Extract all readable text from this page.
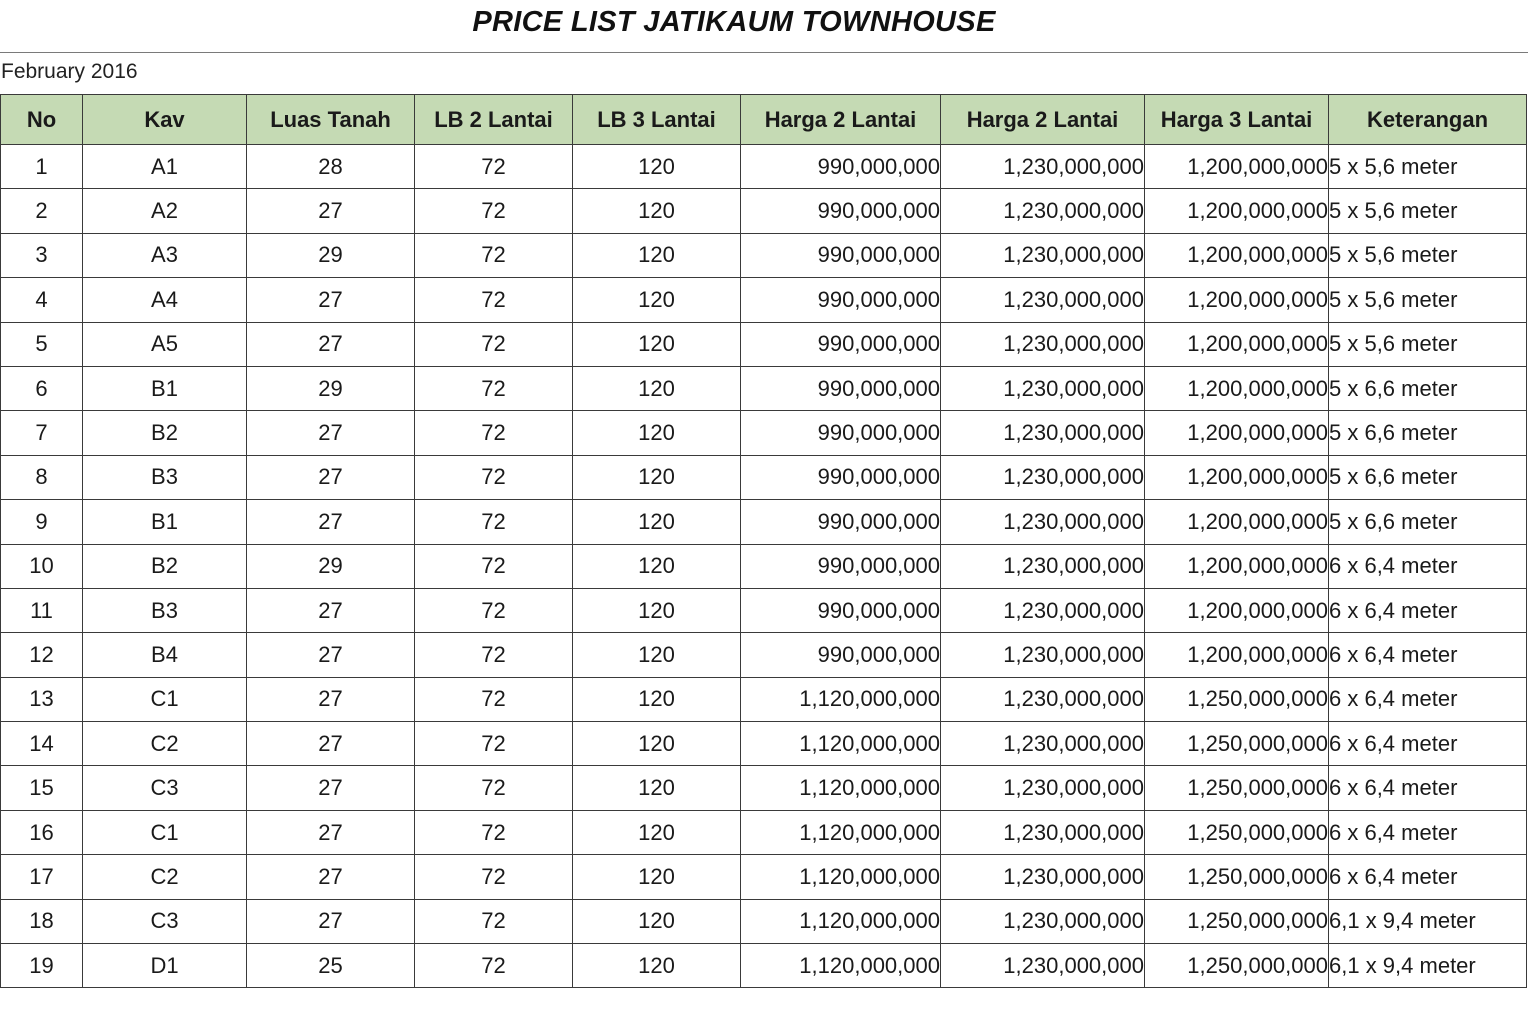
PRICE LIST JATIKAUM TOWNHOUSE
February 2016
No	Kav	Luas Tanah	LB 2 Lantai	LB 3 Lantai	Harga 2 Lantai	Harga 2 Lantai	Harga 3 Lantai	Keterangan
1	A1	28	72	120	990,000,000	1,230,000,000	1,200,000,000	5 x 5,6 meter
2	A2	27	72	120	990,000,000	1,230,000,000	1,200,000,000	5 x 5,6 meter
3	A3	29	72	120	990,000,000	1,230,000,000	1,200,000,000	5 x 5,6 meter
4	A4	27	72	120	990,000,000	1,230,000,000	1,200,000,000	5 x 5,6 meter
5	A5	27	72	120	990,000,000	1,230,000,000	1,200,000,000	5 x 5,6 meter
6	B1	29	72	120	990,000,000	1,230,000,000	1,200,000,000	5 x 6,6 meter
7	B2	27	72	120	990,000,000	1,230,000,000	1,200,000,000	5 x 6,6 meter
8	B3	27	72	120	990,000,000	1,230,000,000	1,200,000,000	5 x 6,6 meter
9	B1	27	72	120	990,000,000	1,230,000,000	1,200,000,000	5 x 6,6 meter
10	B2	29	72	120	990,000,000	1,230,000,000	1,200,000,000	6 x 6,4 meter
11	B3	27	72	120	990,000,000	1,230,000,000	1,200,000,000	6 x 6,4 meter
12	B4	27	72	120	990,000,000	1,230,000,000	1,200,000,000	6 x 6,4 meter
13	C1	27	72	120	1,120,000,000	1,230,000,000	1,250,000,000	6 x 6,4 meter
14	C2	27	72	120	1,120,000,000	1,230,000,000	1,250,000,000	6 x 6,4 meter
15	C3	27	72	120	1,120,000,000	1,230,000,000	1,250,000,000	6 x 6,4 meter
16	C1	27	72	120	1,120,000,000	1,230,000,000	1,250,000,000	6 x 6,4 meter
17	C2	27	72	120	1,120,000,000	1,230,000,000	1,250,000,000	6 x 6,4 meter
18	C3	27	72	120	1,120,000,000	1,230,000,000	1,250,000,000	6,1 x 9,4 meter
19	D1	25	72	120	1,120,000,000	1,230,000,000	1,250,000,000	6,1 x 9,4 meter
